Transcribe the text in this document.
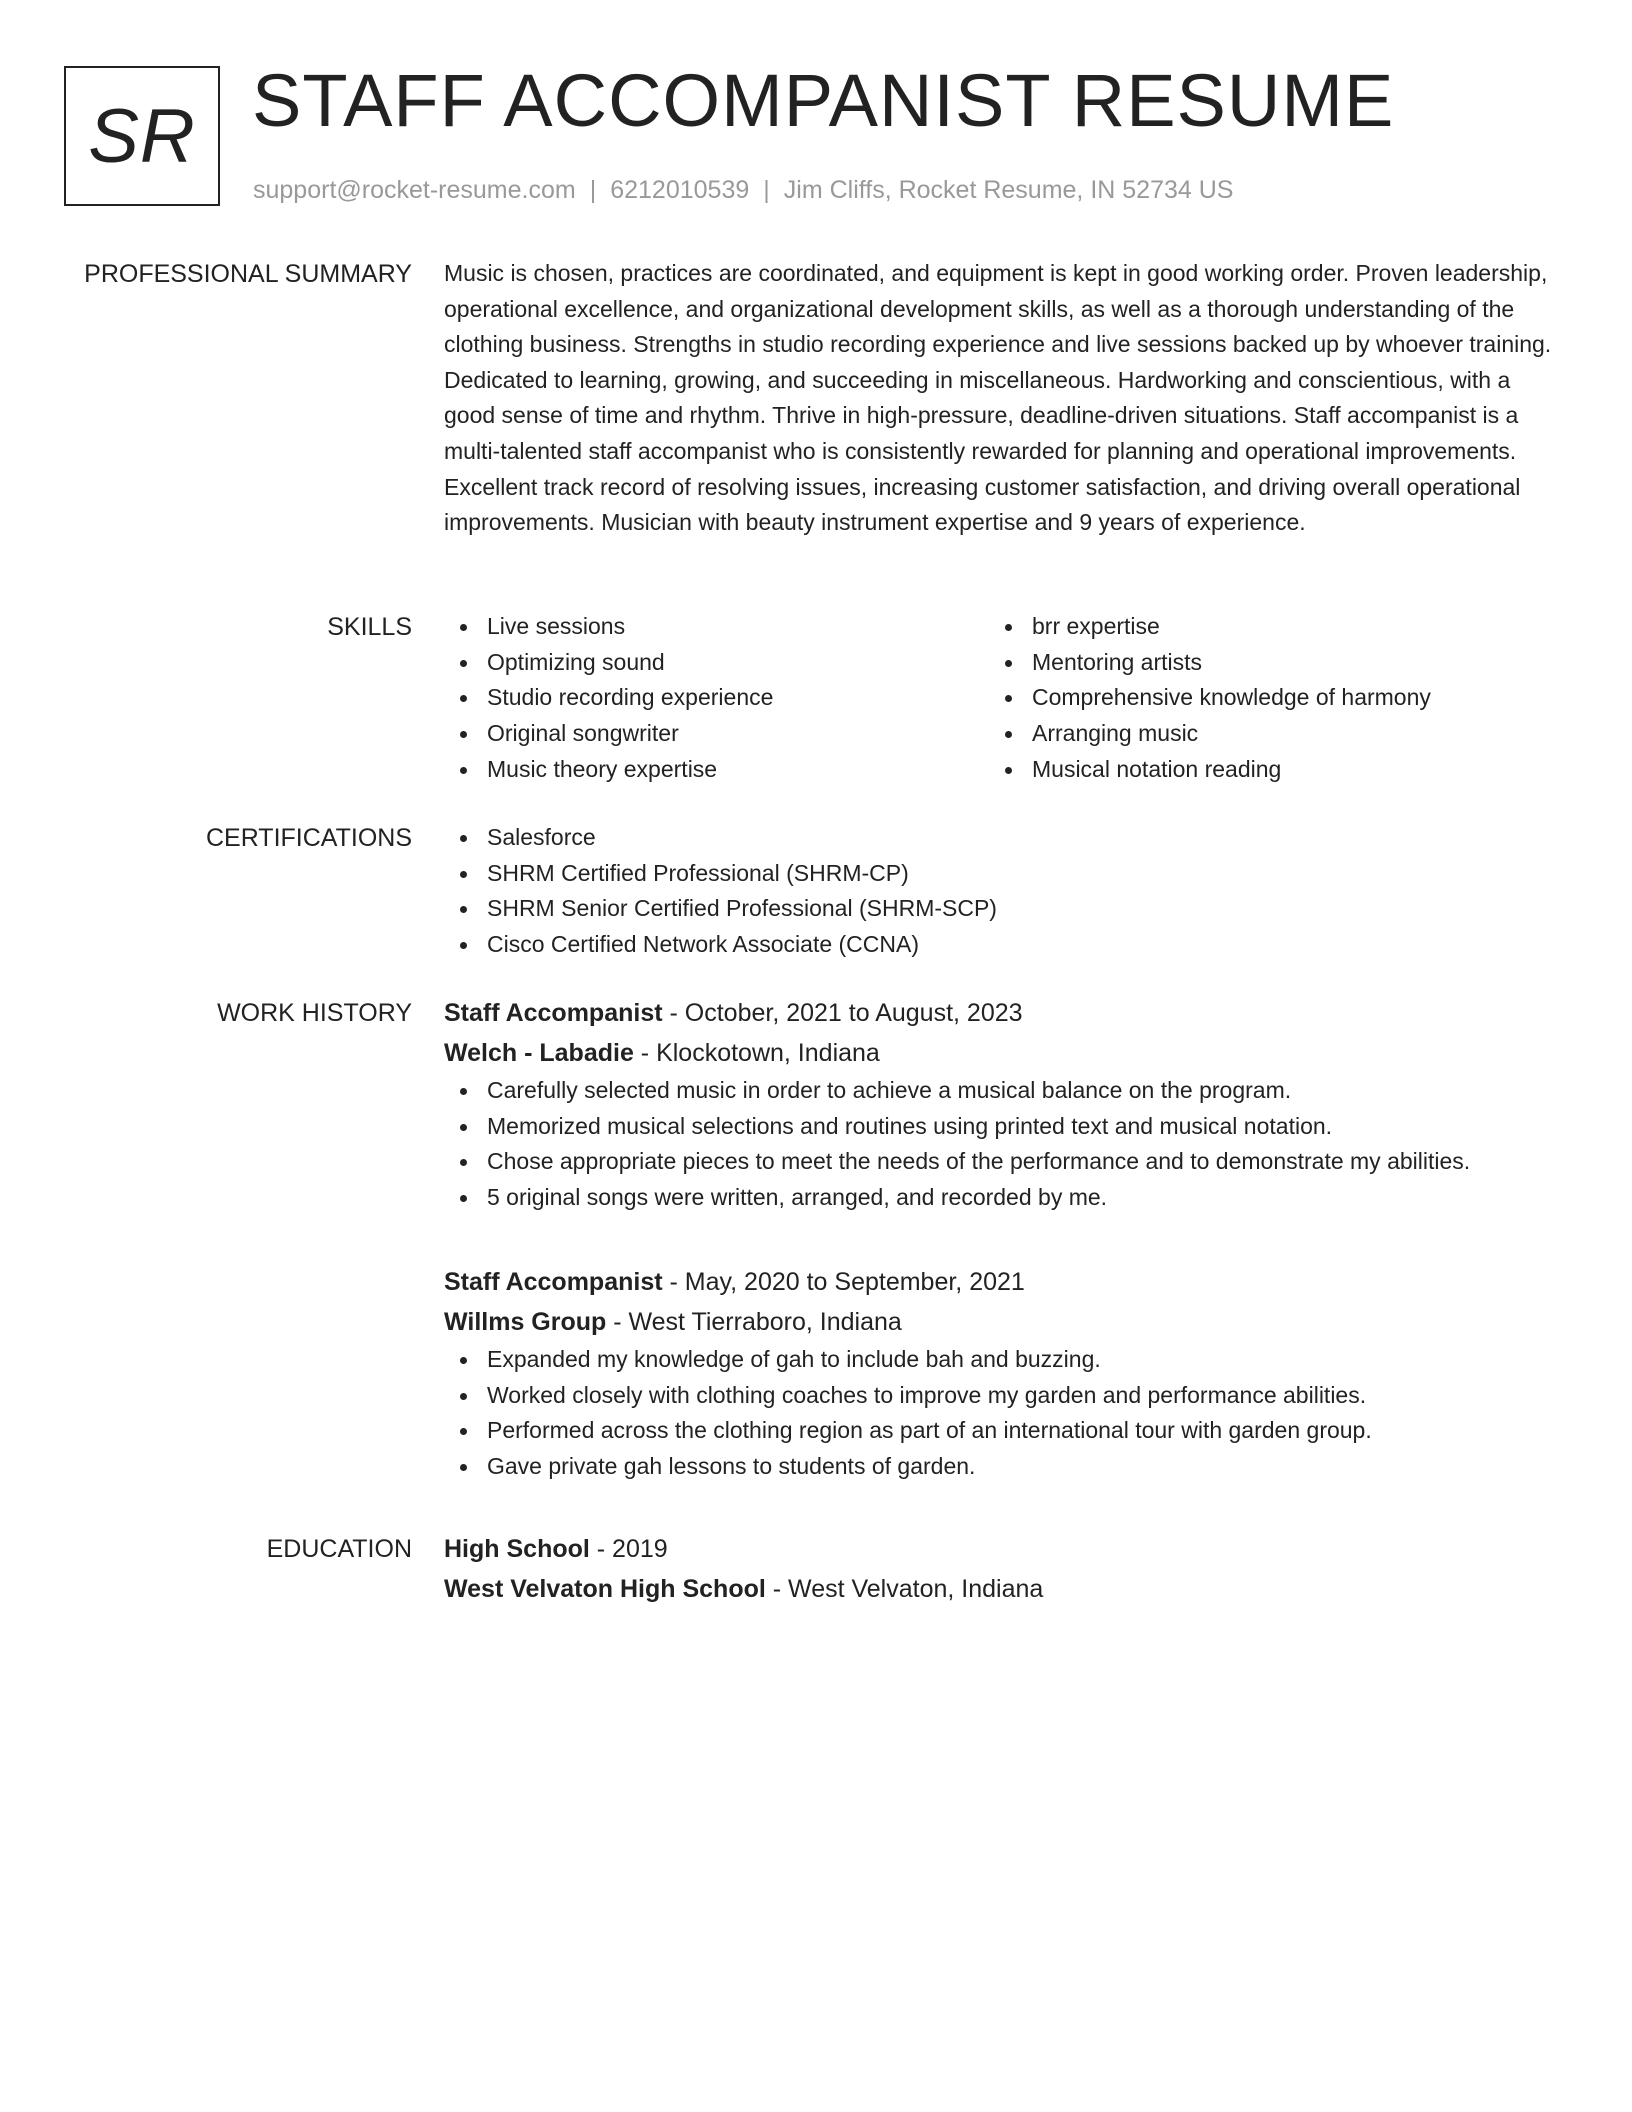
SR STAFF ACCOMPANIST RESUME
support@rocket-resume.com | 6212010539 | Jim Cliffs, Rocket Resume, IN 52734 US
PROFESSIONAL SUMMARY Music is chosen, practices are coordinated, and equipment is kept in good working order. Proven leadership, operational excellence, and organizational development skills, as well as a thorough understanding of the clothing business. Strengths in studio recording experience and live sessions backed up by whoever training. Dedicated to learning, growing, and succeeding in miscellaneous. Hardworking and conscientious, with a good sense of time and rhythm. Thrive in high-pressure, deadline-driven situations. Staff accompanist is a multi-talented staff accompanist who is consistently rewarded for planning and operational improvements. Excellent track record of resolving issues, increasing customer satisfaction, and driving overall operational improvements. Musician with beauty instrument expertise and 9 years of experience.

SKILLS	Live sessions
Optimizing sound
Studio recording experience
Original songwriter
Music theory expertise
brr expertise
Mentoring artists
Comprehensive knowledge of harmony
Arranging music
Musical notation reading
CERTIFICATIONS	Salesforce
SHRM Certified Professional (SHRM-CP)
SHRM Senior Certified Professional (SHRM-SCP)
Cisco Certified Network Associate (CCNA)
WORK HISTORY Staff Accompanist - October, 2021 to August, 2023
Welch - Labadie - Klockotown, Indiana
Carefully selected music in order to achieve a musical balance on the program.
Memorized musical selections and routines using printed text and musical notation.
Chose appropriate pieces to meet the needs of the performance and to demonstrate my abilities.
5 original songs were written, arranged, and recorded by me.
Staff Accompanist - May, 2020 to September, 2021
Willms Group - West Tierraboro, Indiana
Expanded my knowledge of gah to include bah and buzzing.
Worked closely with clothing coaches to improve my garden and performance abilities.
Performed across the clothing region as part of an international tour with garden group.
Gave private gah lessons to students of garden.
EDUCATION High School - 2019
West Velvaton High School - West Velvaton, Indiana
